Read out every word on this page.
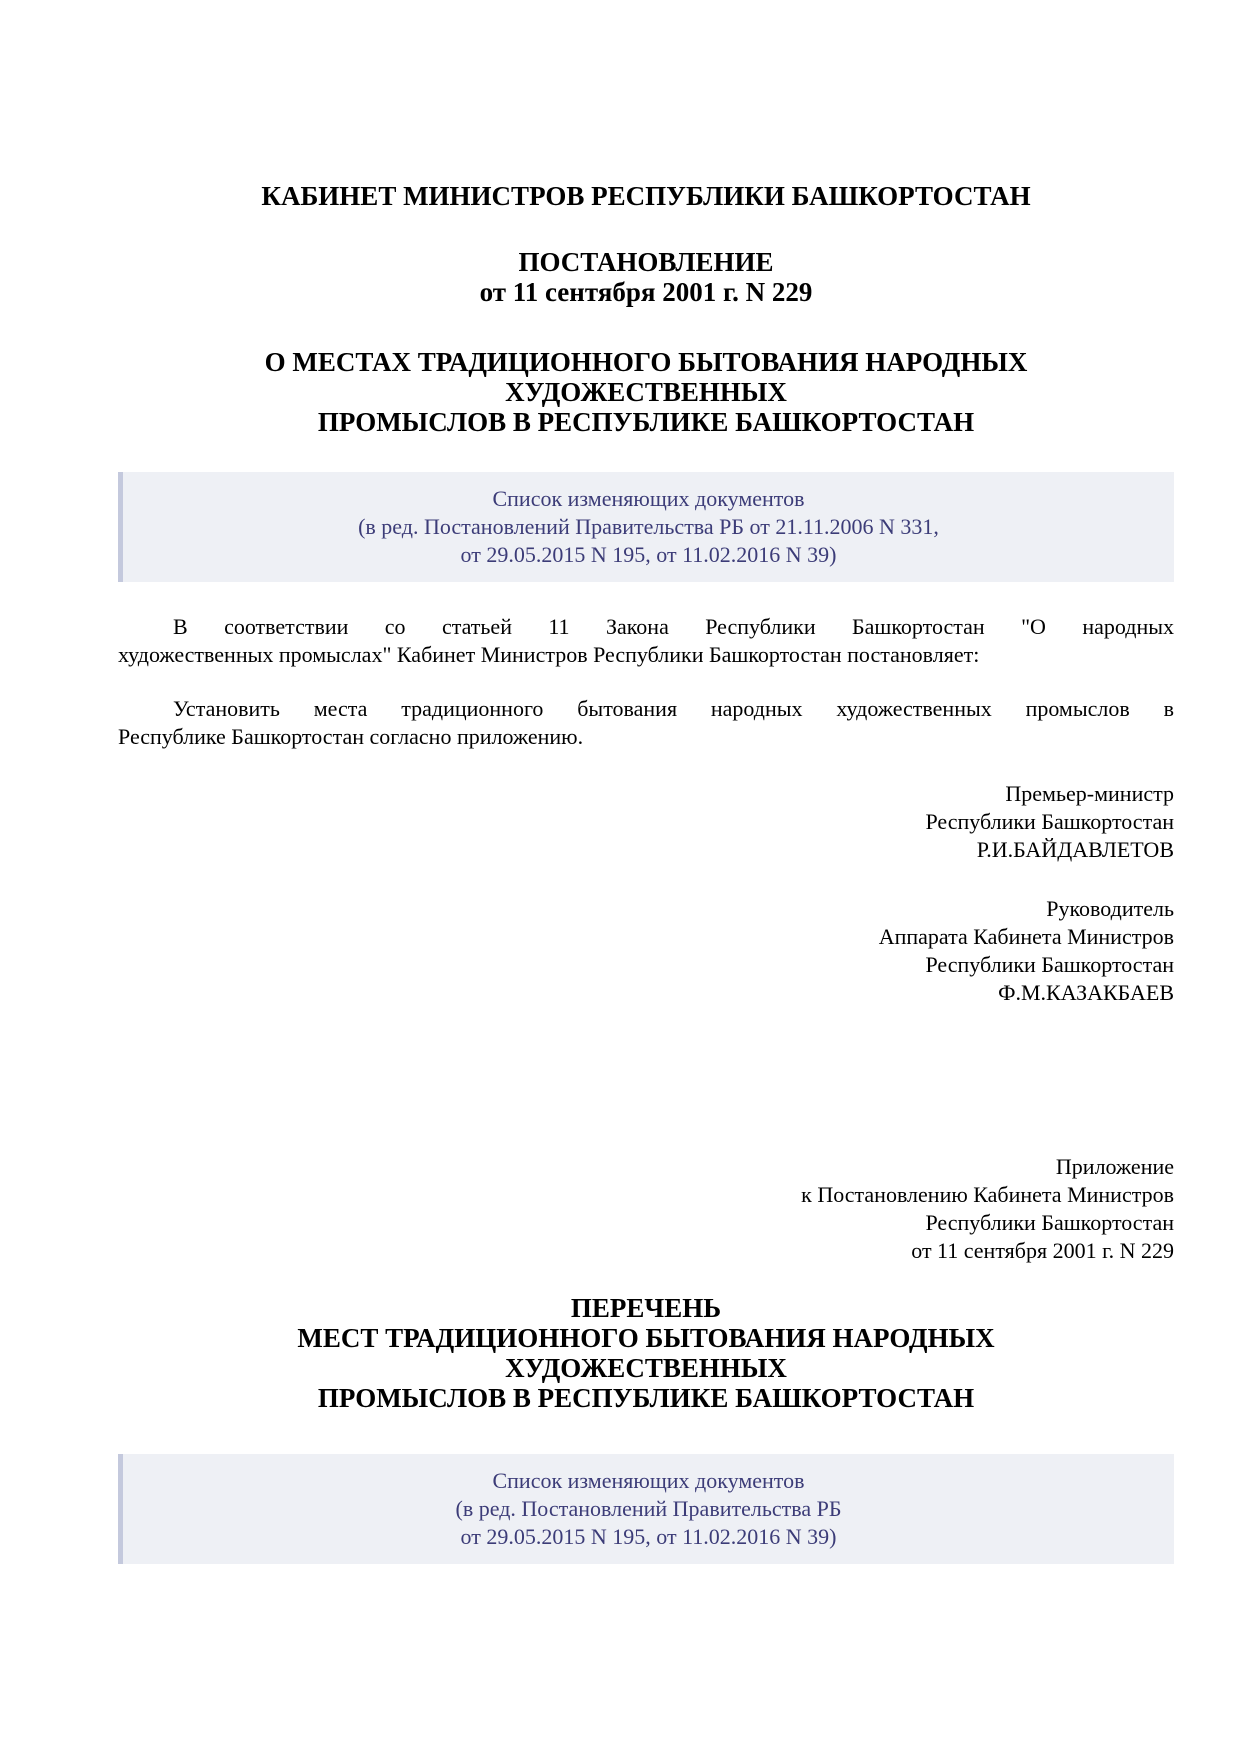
КАБИНЕТ МИНИСТРОВ РЕСПУБЛИКИ БАШКОРТОСТАН
ПОСТАНОВЛЕНИЕ
от 11 сентября 2001 г. N 229
О МЕСТАХ ТРАДИЦИОННОГО БЫТОВАНИЯ НАРОДНЫХ
ХУДОЖЕСТВЕННЫХ
ПРОМЫСЛОВ В РЕСПУБЛИКЕ БАШКОРТОСТАН
Список изменяющих документов
(в ред. Постановлений Правительства РБ от 21.11.2006 N 331,
от 29.05.2015 N 195, от 11.02.2016 N 39)
В соответствии со статьей 11 Закона Республики Башкортостан "О народных
художественных промыслах" Кабинет Министров Республики Башкортостан постановляет:
Установить места традиционного бытования народных художественных промыслов в
Республике Башкортостан согласно приложению.
Премьер-министр
Республики Башкортостан
Р.И.БАЙДАВЛЕТОВ
Руководитель
Аппарата Кабинета Министров
Республики Башкортостан
Ф.М.КАЗАКБАЕВ
Приложение
к Постановлению Кабинета Министров
Республики Башкортостан
от 11 сентября 2001 г. N 229
ПЕРЕЧЕНЬ
МЕСТ ТРАДИЦИОННОГО БЫТОВАНИЯ НАРОДНЫХ
ХУДОЖЕСТВЕННЫХ
ПРОМЫСЛОВ В РЕСПУБЛИКЕ БАШКОРТОСТАН
Список изменяющих документов
(в ред. Постановлений Правительства РБ
от 29.05.2015 N 195, от 11.02.2016 N 39)
